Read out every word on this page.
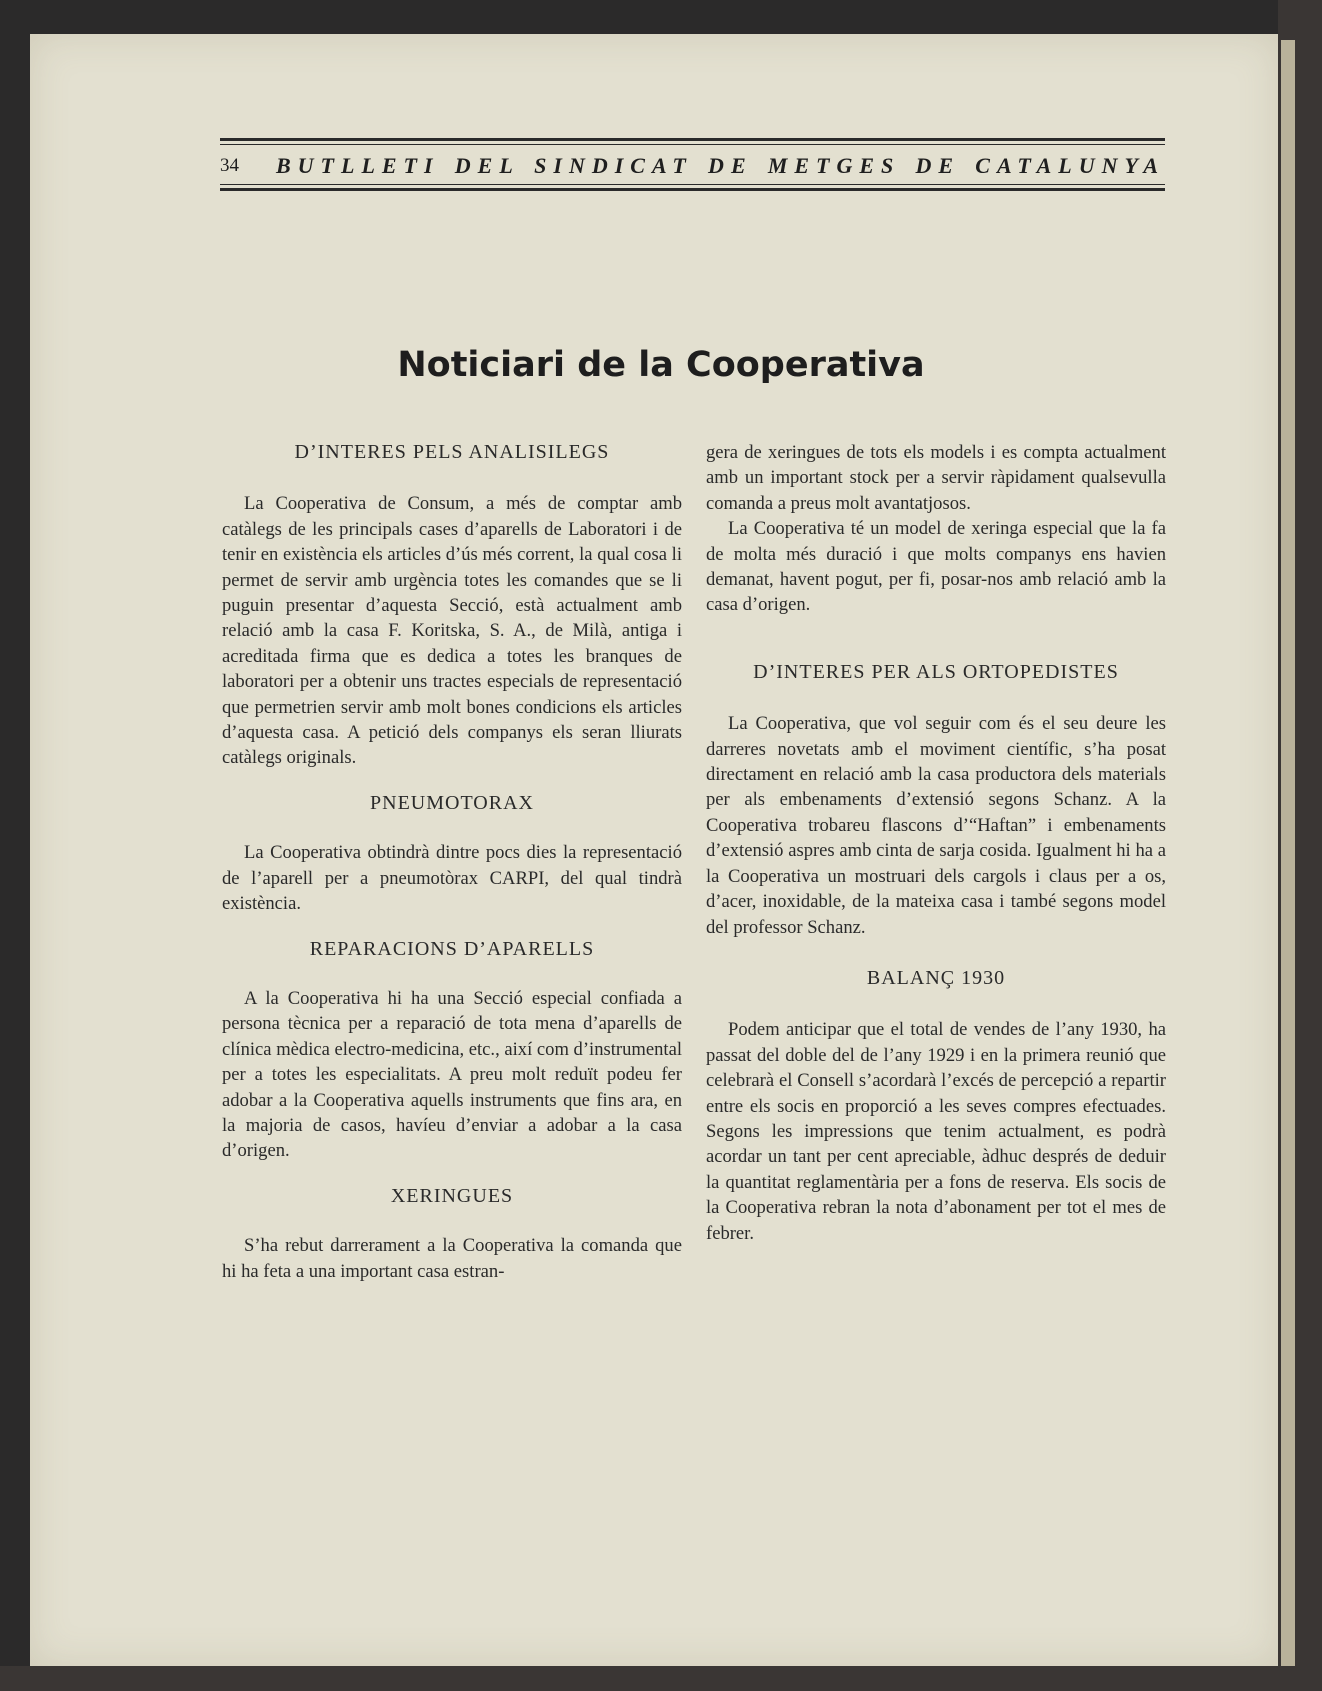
34	BUTLLETI DEL SINDICAT DE METGES DE CATALUNYA
Noticiari de la Cooperativa
D’INTERES PELS ANALISILEGS

La Cooperativa de Consum, a més de comptar amb catàlegs de les principals cases d’aparells de Laboratori i de tenir en existència els articles d’ús més corrent, la qual cosa li permet de servir amb urgència totes les comandes que se li puguin presentar d’aquesta Secció, està actualment amb relació amb la casa F. Koritska, S. A., de Milà, antiga i acreditada firma que es dedica a totes les branques de laboratori per a obtenir uns tractes especials de representació que permetrien servir amb molt bones condicions els articles d’aquesta casa. A petició dels companys els seran lliurats catàlegs originals.

PNEUMOTORAX

La Cooperativa obtindrà dintre pocs dies la representació de l’aparell per a pneumotòrax CARPI, del qual tindrà existència.

REPARACIONS D’APARELLS

A la Cooperativa hi ha una Secció especial confiada a persona tècnica per a reparació de tota mena d’aparells de clínica mèdica electro-medicina, etc., així com d’instrumental per a totes les especialitats. A preu molt reduït podeu fer adobar a la Cooperativa aquells instruments que fins ara, en la majoria de casos, havíeu d’enviar a adobar a la casa d’origen.

XERINGUES

S’ha rebut darrerament a la Cooperativa la comanda que hi ha feta a una important casa estran-

gera de xeringues de tots els models i es compta actualment amb un important stock per a servir ràpidament qualsevulla comanda a preus molt avantatjosos.

La Cooperativa té un model de xeringa especial que la fa de molta més duració i que molts companys ens havien demanat, havent pogut, per fi, posar-nos amb relació amb la casa d’origen.

D’INTERES PER ALS ORTOPEDISTES

La Cooperativa, que vol seguir com és el seu deure les darreres novetats amb el moviment científic, s’ha posat directament en relació amb la casa productora dels materials per als embenaments d’extensió segons Schanz. A la Cooperativa trobareu flascons d’“Haftan” i embenaments d’extensió aspres amb cinta de sarja cosida. Igualment hi ha a la Cooperativa un mostruari dels cargols i claus per a os, d’acer, inoxidable, de la mateixa casa i també segons model del professor Schanz.

BALANÇ 1930

Podem anticipar que el total de vendes de l’any 1930, ha passat del doble del de l’any 1929 i en la primera reunió que celebrarà el Consell s’acordarà l’excés de percepció a repartir entre els socis en proporció a les seves compres efectuades. Segons les impressions que tenim actualment, es podrà acordar un tant per cent apreciable, àdhuc després de deduir la quantitat reglamentària per a fons de reserva. Els socis de la Cooperativa rebran la nota d’abonament per tot el mes de febrer.
